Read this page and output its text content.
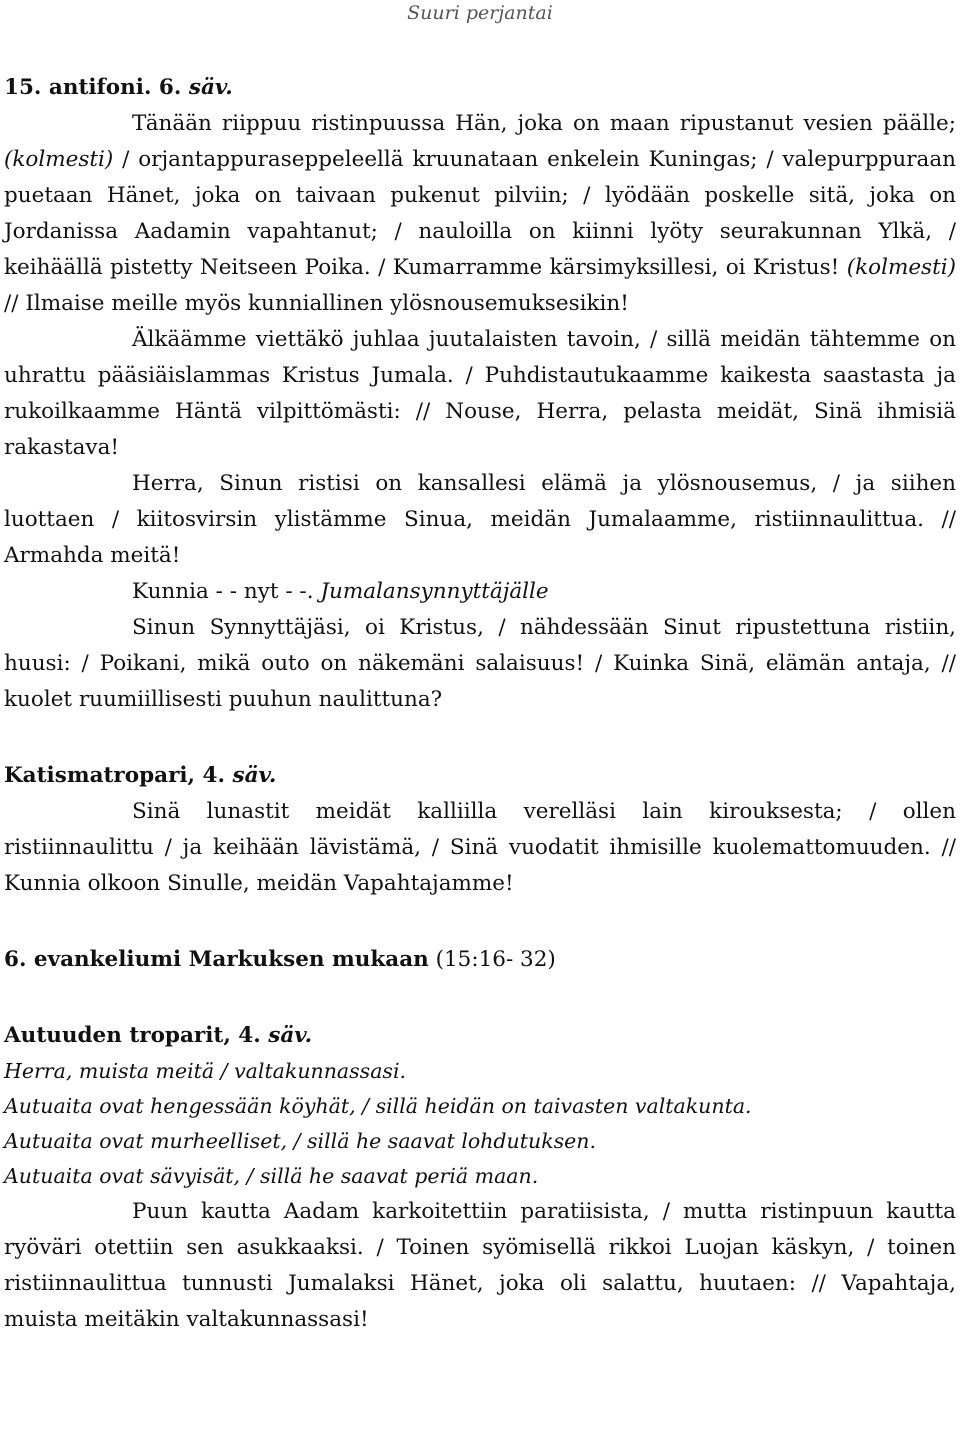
Suuri perjantai
15. antifoni. 6. säv.

Tänään riippuu ristinpuussa Hän, joka on maan ripustanut vesien päälle; (kolmesti) / orjantappuraseppeleellä kruunataan enkelein Kuningas; / valepurppuraan puetaan Hänet, joka on taivaan pukenut pilviin; / lyödään poskelle sitä, joka on Jordanissa Aadamin vapahtanut; / nauloilla on kiinni lyöty seurakunnan Ylkä, / keihäällä pistetty Neitseen Poika. / Kumarramme kärsimyksillesi, oi Kristus! (kolmesti) // Ilmaise meille myös kunniallinen ylösnousemuksesikin!

Älkäämme viettäkö juhlaa juutalaisten tavoin, / sillä meidän tähtemme on uhrattu pääsiäislammas Kristus Jumala. / Puhdistautukaamme kaikesta saastasta ja rukoilkaamme Häntä vilpittömästi: // Nouse, Herra, pelasta meidät, Sinä ihmisiä rakastava!

Herra, Sinun ristisi on kansallesi elämä ja ylösnousemus, / ja siihen luottaen / kiitosvirsin ylistämme Sinua, meidän Jumalaamme, ristiinnaulittua. // Armahda meitä!

Kunnia - - nyt - -. Jumalansynnyttäjälle

Sinun Synnyttäjäsi, oi Kristus, / nähdessään Sinut ripustettuna ristiin, huusi: / Poikani, mikä outo on näkemäni salaisuus! / Kuinka Sinä, elämän antaja, // kuolet ruumiillisesti puuhun naulittuna?

Katismatropari, 4. säv.

Sinä lunastit meidät kalliilla verelläsi lain kirouksesta; / ollen ristiinnaulittu / ja keihään lävistämä, / Sinä vuodatit ihmisille kuolemattomuuden. // Kunnia olkoon Sinulle, meidän Vapahtajamme!

6. evankeliumi Markuksen mukaan (15:16- 32)
Autuuden troparit, 4. säv.

Herra, muista meitä / valtakunnassasi.

Autuaita ovat hengessään köyhät, / sillä heidän on taivasten valtakunta.

Autuaita ovat murheelliset, / sillä he saavat lohdutuksen.

Autuaita ovat sävyisät, / sillä he saavat periä maan.

Puun kautta Aadam karkoitettiin paratiisista, / mutta ristinpuun kautta ryöväri otettiin sen asukkaaksi. / Toinen syömisellä rikkoi Luojan käskyn, / toinen ristiinnaulittua tunnusti Jumalaksi Hänet, joka oli salattu, huutaen: // Vapahtaja, muista meitäkin valtakunnassasi!
